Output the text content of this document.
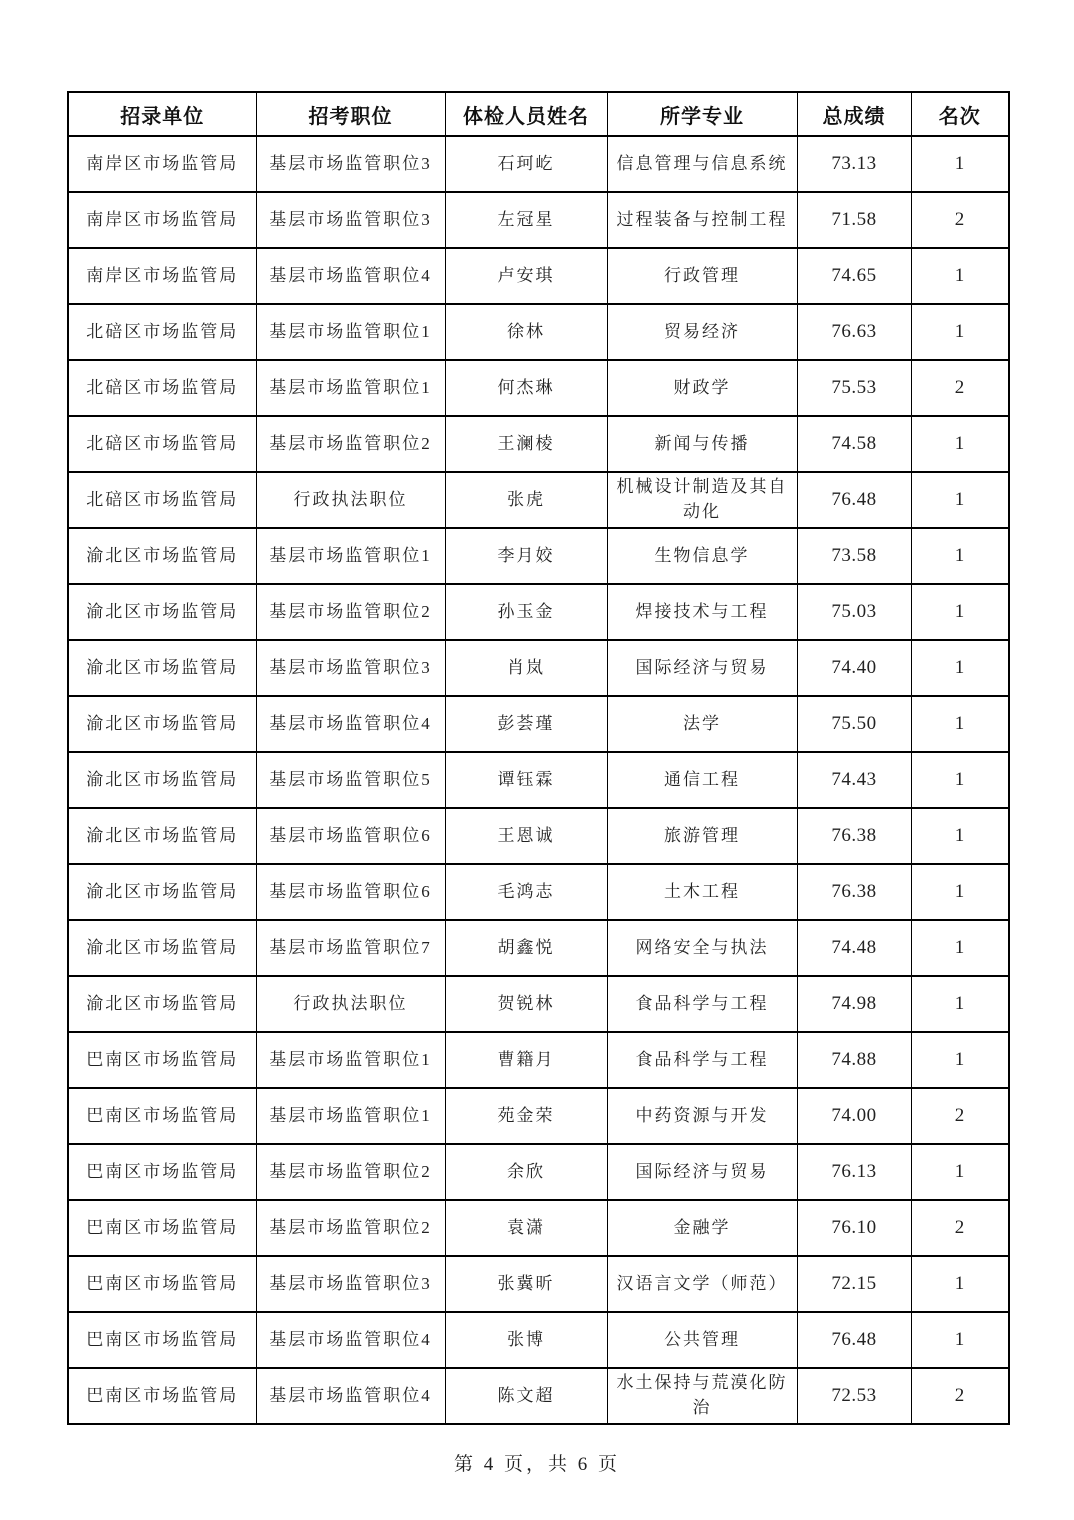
招录单位	招考职位	体检人员姓名	所学专业	总成绩	名次
南岸区市场监管局	基层市场监管职位3	石珂屹	信息管理与信息系统	73.13	1
南岸区市场监管局	基层市场监管职位3	左冠星	过程装备与控制工程	71.58	2
南岸区市场监管局	基层市场监管职位4	卢安琪	行政管理	74.65	1
北碚区市场监管局	基层市场监管职位1	徐林	贸易经济	76.63	1
北碚区市场监管局	基层市场监管职位1	何杰琳	财政学	75.53	2
北碚区市场监管局	基层市场监管职位2	王澜棱	新闻与传播	74.58	1
北碚区市场监管局	行政执法职位	张虎	机械设计制造及其自动化	76.48	1
渝北区市场监管局	基层市场监管职位1	李月姣	生物信息学	73.58	1
渝北区市场监管局	基层市场监管职位2	孙玉金	焊接技术与工程	75.03	1
渝北区市场监管局	基层市场监管职位3	肖岚	国际经济与贸易	74.40	1
渝北区市场监管局	基层市场监管职位4	彭荟瑾	法学	75.50	1
渝北区市场监管局	基层市场监管职位5	谭钰霖	通信工程	74.43	1
渝北区市场监管局	基层市场监管职位6	王恩诚	旅游管理	76.38	1
渝北区市场监管局	基层市场监管职位6	毛鸿志	土木工程	76.38	1
渝北区市场监管局	基层市场监管职位7	胡鑫悦	网络安全与执法	74.48	1
渝北区市场监管局	行政执法职位	贺锐林	食品科学与工程	74.98	1
巴南区市场监管局	基层市场监管职位1	曹籍月	食品科学与工程	74.88	1
巴南区市场监管局	基层市场监管职位1	苑金荣	中药资源与开发	74.00	2
巴南区市场监管局	基层市场监管职位2	余欣	国际经济与贸易	76.13	1
巴南区市场监管局	基层市场监管职位2	袁潇	金融学	76.10	2
巴南区市场监管局	基层市场监管职位3	张冀昕	汉语言文学（师范）	72.15	1
巴南区市场监管局	基层市场监管职位4	张博	公共管理	76.48	1
巴南区市场监管局	基层市场监管职位4	陈文超	水土保持与荒漠化防治	72.53	2
第 4 页，共 6 页
